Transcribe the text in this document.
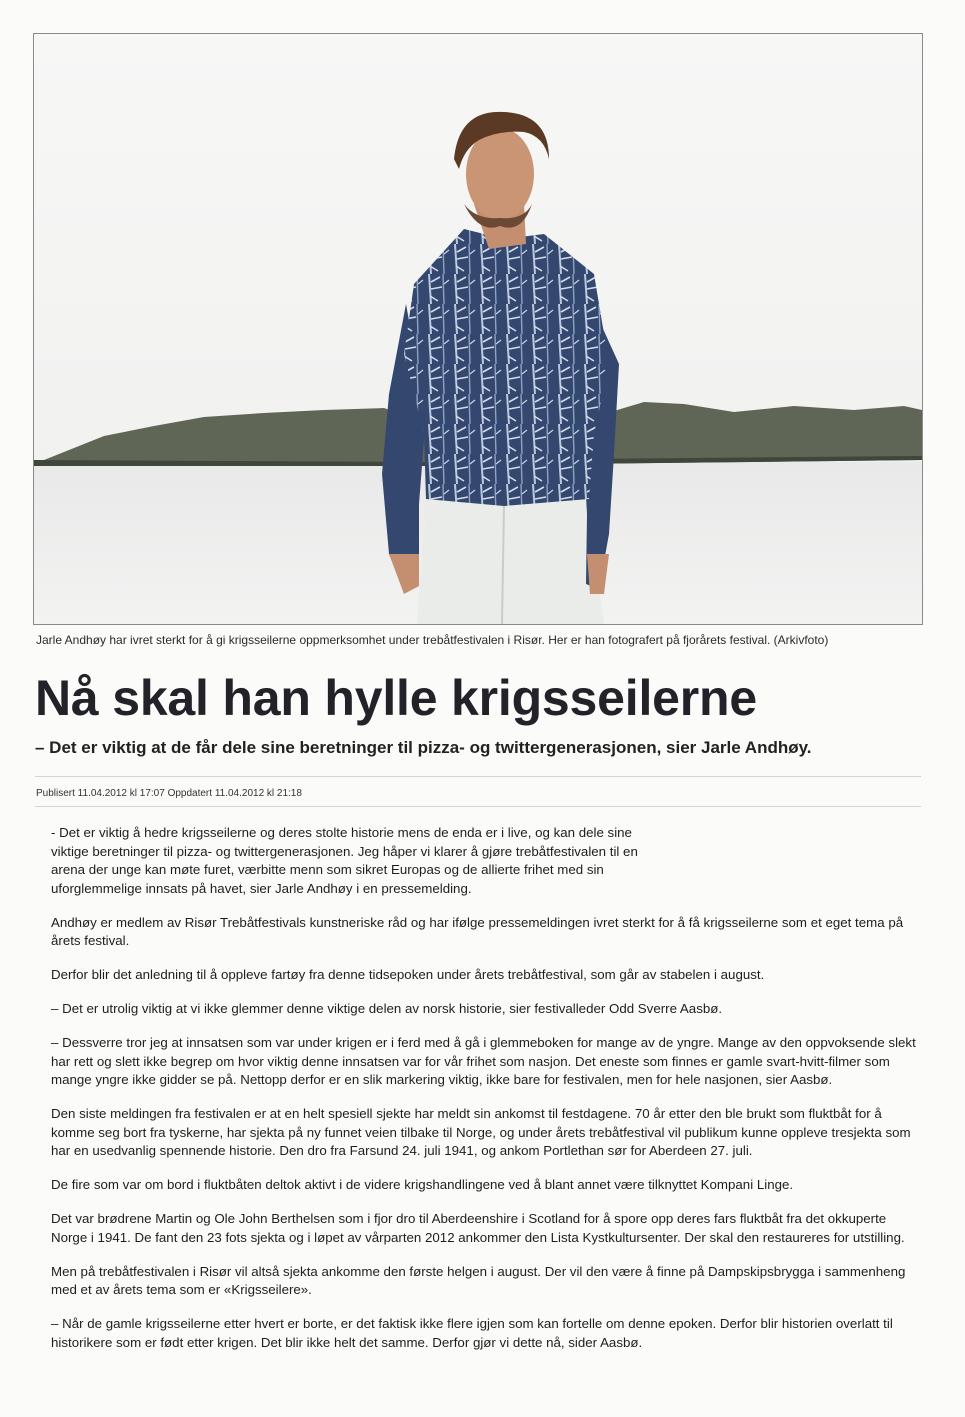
Jarle Andhøy har ivret sterkt for å gi krigsseilerne oppmerksomhet under trebåtfestivalen i Risør. Her er han fotografert på fjorårets festival. (Arkivfoto)
Nå skal han hylle krigsseilerne
– Det er viktig at de får dele sine beretninger til pizza- og twittergenerasjonen, sier Jarle Andhøy.
Publisert 11.04.2012 kl 17:07 Oppdatert 11.04.2012 kl 21:18

- Det er viktig å hedre krigsseilerne og deres stolte historie mens de enda er i live, og kan dele sine viktige beretninger til pizza- og twittergenerasjonen. Jeg håper vi klarer å gjøre trebåtfestivalen til en arena der unge kan møte furet, værbitte menn som sikret Europas og de allierte frihet med sin uforglemmelige innsats på havet, sier Jarle Andhøy i en pressemelding.

Andhøy er medlem av Risør Trebåtfestivals kunstneriske råd og har ifølge pressemeldingen ivret sterkt for å få krigsseilerne som et eget tema på årets festival.

Derfor blir det anledning til å oppleve fartøy fra denne tidsepoken under årets trebåtfestival, som går av stabelen i august.

– Det er utrolig viktig at vi ikke glemmer denne viktige delen av norsk historie, sier festivalleder Odd Sverre Aasbø.

– Dessverre tror jeg at innsatsen som var under krigen er i ferd med å gå i glemmeboken for mange av de yngre. Mange av den oppvoksende slekt har rett og slett ikke begrep om hvor viktig denne innsatsen var for vår frihet som nasjon. Det eneste som finnes er gamle svart-hvitt-filmer som mange yngre ikke gidder se på. Nettopp derfor er en slik markering viktig, ikke bare for festivalen, men for hele nasjonen, sier Aasbø.

Den siste meldingen fra festivalen er at en helt spesiell sjekte har meldt sin ankomst til festdagene. 70 år etter den ble brukt som fluktbåt for å komme seg bort fra tyskerne, har sjekta på ny funnet veien tilbake til Norge, og under årets trebåtfestival vil publikum kunne oppleve tresjekta som har en usedvanlig spennende historie. Den dro fra Farsund 24. juli 1941, og ankom Portlethan sør for Aberdeen 27. juli.

De fire som var om bord i fluktbåten deltok aktivt i de videre krigshandlingene ved å blant annet være tilknyttet Kompani Linge.

Det var brødrene Martin og Ole John Berthelsen som i fjor dro til Aberdeenshire i Scotland for å spore opp deres fars fluktbåt fra det okkuperte Norge i 1941. De fant den 23 fots sjekta og i løpet av vårparten 2012 ankommer den Lista Kystkultursenter. Der skal den restaureres for utstilling.

Men på trebåtfestivalen i Risør vil altså sjekta ankomme den første helgen i august. Der vil den være å finne på Dampskipsbrygga i sammenheng med et av årets tema som er «Krigsseilere».

– Når de gamle krigsseilerne etter hvert er borte, er det faktisk ikke flere igjen som kan fortelle om denne epoken. Derfor blir historien overlatt til historikere som er født etter krigen. Det blir ikke helt det samme. Derfor gjør vi dette nå, sider Aasbø.
